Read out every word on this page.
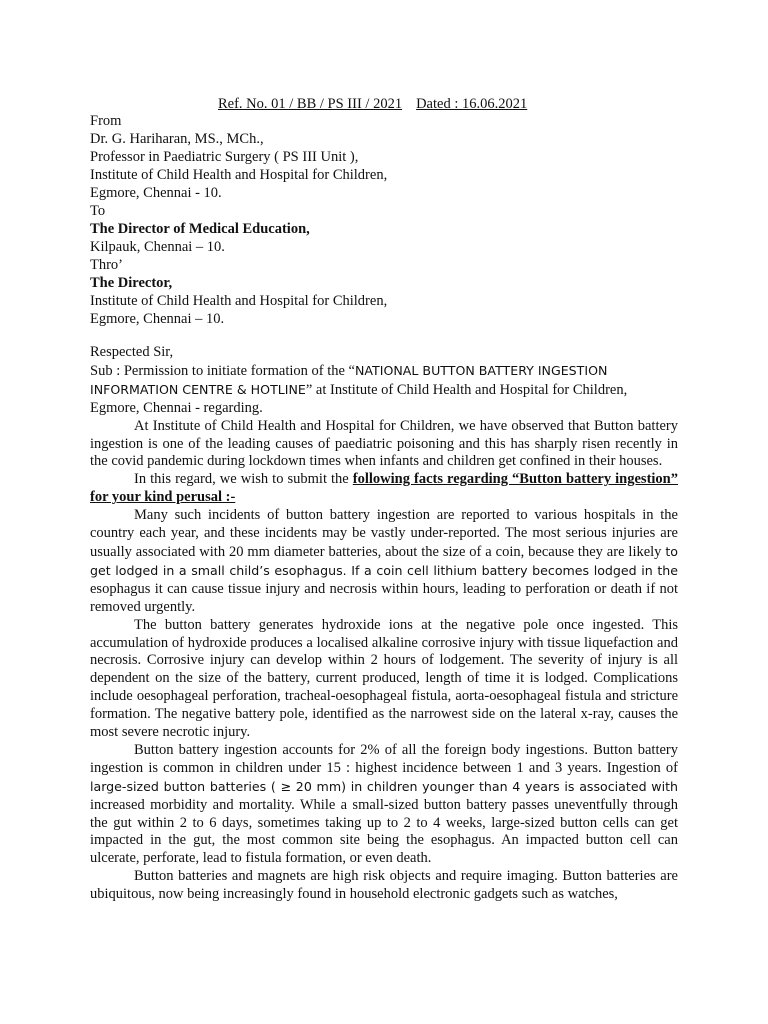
Ref. No. 01 / BB / PS III / 2021 Dated : 16.06.2021
From
Dr. G. Hariharan, MS., MCh.,
Professor in Paediatric Surgery ( PS III Unit ),
Institute of Child Health and Hospital for Children,
Egmore, Chennai - 10.
To
The Director of Medical Education,
Kilpauk, Chennai – 10.
Thro’
The Director,
Institute of Child Health and Hospital for Children,
Egmore, Chennai – 10.
Respected Sir,
Sub : Permission to initiate formation of the “NATIONAL BUTTON BATTERY INGESTION
INFORMATION CENTRE & HOTLINE” at Institute of Child Health and Hospital for Children,
Egmore, Chennai - regarding.

At Institute of Child Health and Hospital for Children, we have observed that Button battery ingestion is one of the leading causes of paediatric poisoning and this has sharply risen recently in the covid pandemic during lockdown times when infants and children get confined in their houses.

In this regard, we wish to submit the following facts regarding “Button battery ingestion” for your kind perusal :-

Many such incidents of button battery ingestion are reported to various hospitals in the country each year, and these incidents may be vastly under-reported. The most serious injuries are usually associated with 20 mm diameter batteries, about the size of a coin, because they are likely to get lodged in a small child’s esophagus. If a coin cell lithium battery becomes lodged in the esophagus it can cause tissue injury and necrosis within hours, leading to perforation or death if not removed urgently.

The button battery generates hydroxide ions at the negative pole once ingested. This accumulation of hydroxide produces a localised alkaline corrosive injury with tissue liquefaction and necrosis. Corrosive injury can develop within 2 hours of lodgement. The severity of injury is all dependent on the size of the battery, current produced, length of time it is lodged. Complications include oesophageal perforation, tracheal-oesophageal fistula, aorta-oesophageal fistula and stricture formation. The negative battery pole, identified as the narrowest side on the lateral x-ray, causes the most severe necrotic injury.

Button battery ingestion accounts for 2% of all the foreign body ingestions. Button battery ingestion is common in children under 15 : highest incidence between 1 and 3 years. Ingestion of large-sized button batteries ( ≥ 20 mm) in children younger than 4 years is associated with increased morbidity and mortality. While a small-sized button battery passes uneventfully through the gut within 2 to 6 days, sometimes taking up to 2 to 4 weeks, large-sized button cells can get impacted in the gut, the most common site being the esophagus. An impacted button cell can ulcerate, perforate, lead to fistula formation, or even death.

Button batteries and magnets are high risk objects and require imaging. Button batteries are ubiquitous, now being increasingly found in household electronic gadgets such as watches,
